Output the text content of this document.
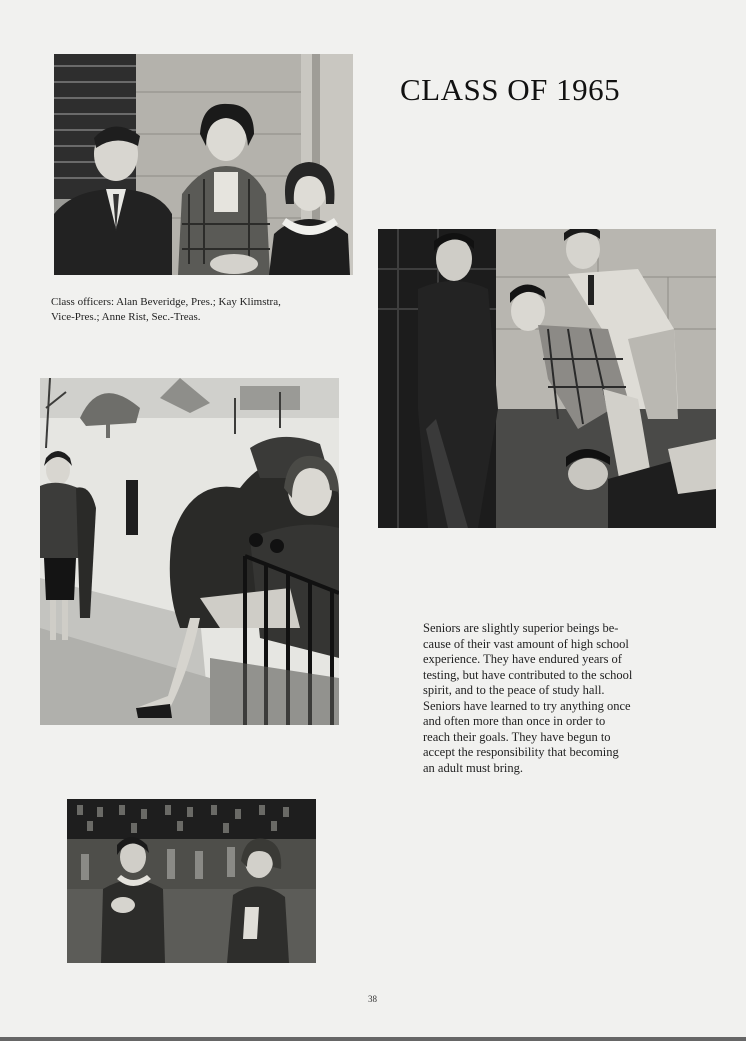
CLASS OF 1965
Class officers: Alan Beveridge, Pres.; Kay Klimstra,
Vice-Pres.; Anne Rist, Sec.-Treas.
Seniors are slightly superior beings be-
cause of their vast amount of high school
experience. They have endured years of
testing, but have contributed to the school
spirit, and to the peace of study hall.
Seniors have learned to try anything once
and often more than once in order to
reach their goals. They have begun to
accept the responsibility that becoming
an adult must bring.
38
